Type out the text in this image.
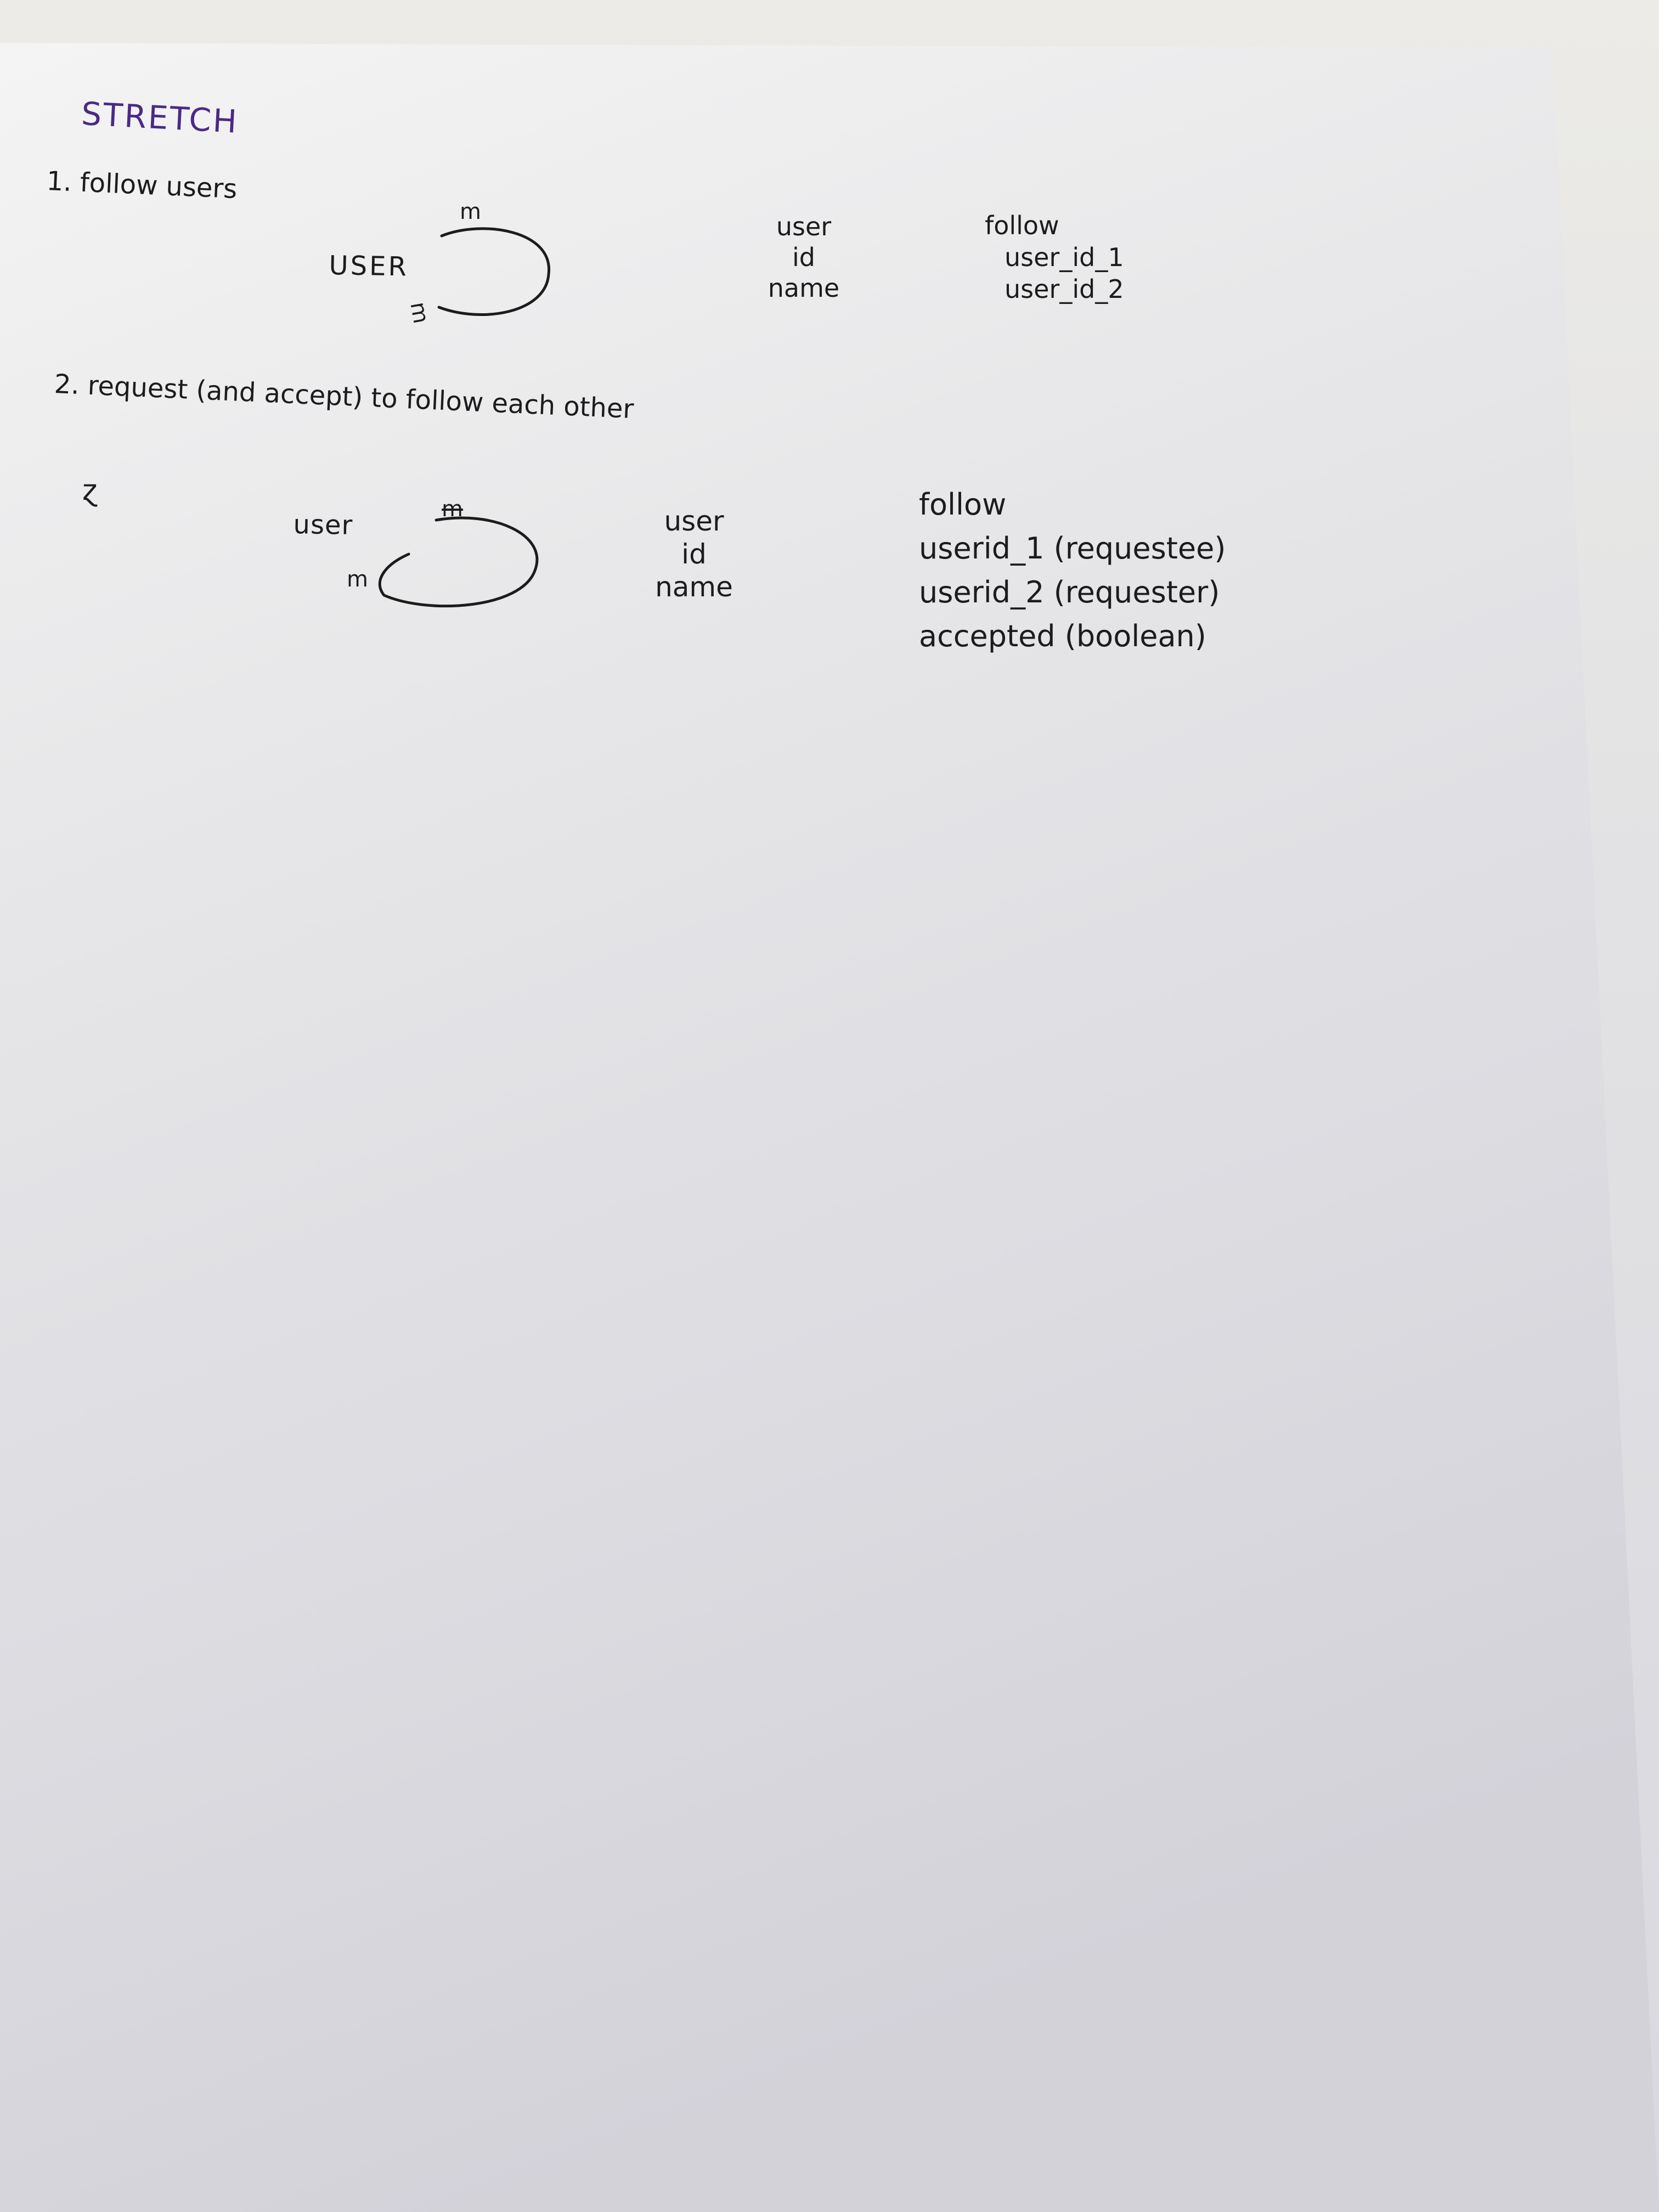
STRETCH
1. follow users
USER
m
m
user
id
name
follow
user_id_1
user_id_2
2. request (and accept) to follow each other
ɀ
user
m
m
user
id
name
follow
userid_1 (requestee)
userid_2 (requester)
accepted (boolean)
